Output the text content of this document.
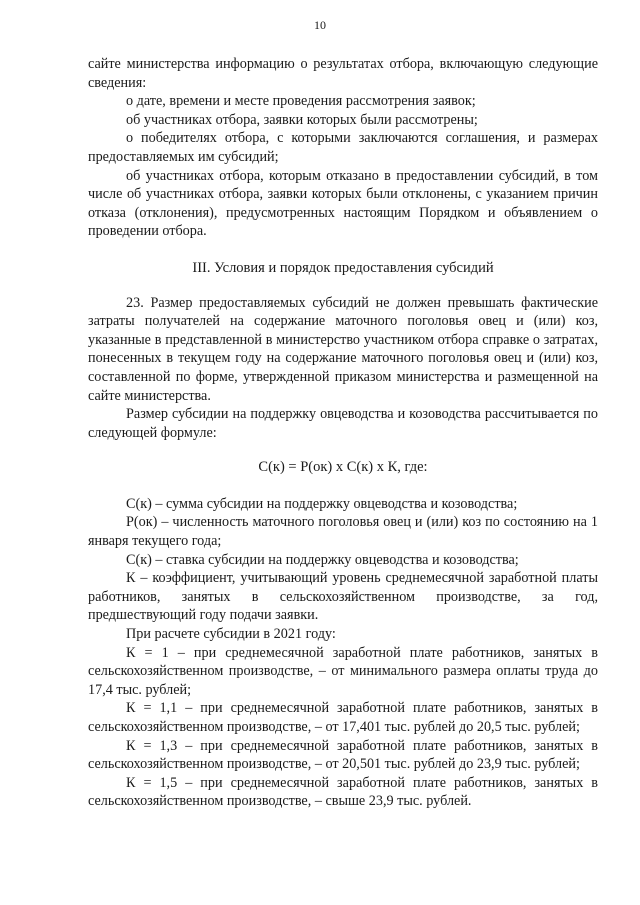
10

сайте министерства информацию о результатах отбора, включающую следующие сведения:

о дате, времени и месте проведения рассмотрения заявок;

об участниках отбора, заявки которых были рассмотрены;

о победителях отбора, с которыми заключаются соглашения, и размерах предоставляемых им субсидий;

об участниках отбора, которым отказано в предоставлении субсидий, в том числе об участниках отбора, заявки которых были отклонены, с указанием причин отказа (отклонения), предусмотренных настоящим Порядком и объявлением о проведении отбора.

III. Условия и порядок предоставления субсидий

23. Размер предоставляемых субсидий не должен превышать фактические затраты получателей на содержание маточного поголовья овец и (или) коз, указанные в представленной в министерство участником отбора справке о затратах, понесенных в текущем году на содержание маточного поголовья овец и (или) коз, составленной по форме, утвержденной приказом министерства и размещенной на сайте министерства.

Размер субсидии на поддержку овцеводства и козоводства рассчитывается по следующей формуле:

С(к) = Р(ок) х С(к) х К, где:

С(к) – сумма субсидии на поддержку овцеводства и козоводства;

Р(ок) – численность маточного поголовья овец и (или) коз по состоянию на 1 января текущего года;

С(к) – ставка субсидии на поддержку овцеводства и козоводства;

К – коэффициент, учитывающий уровень среднемесячной заработной платы работников, занятых в сельскохозяйственном производстве, за год, предшествующий году подачи заявки.

При расчете субсидии в 2021 году:

К = 1 – при среднемесячной заработной плате работников, занятых в сельскохозяйственном производстве, – от минимального размера оплаты труда до 17,4 тыс. рублей;

К = 1,1 – при среднемесячной заработной плате работников, занятых в сельскохозяйственном производстве, – от 17,401 тыс. рублей до 20,5 тыс. рублей;

К = 1,3 – при среднемесячной заработной плате работников, занятых в сельскохозяйственном производстве, – от 20,501 тыс. рублей до 23,9 тыс. рублей;

К = 1,5 – при среднемесячной заработной плате работников, занятых в сельскохозяйственном производстве, – свыше 23,9 тыс. рублей.
